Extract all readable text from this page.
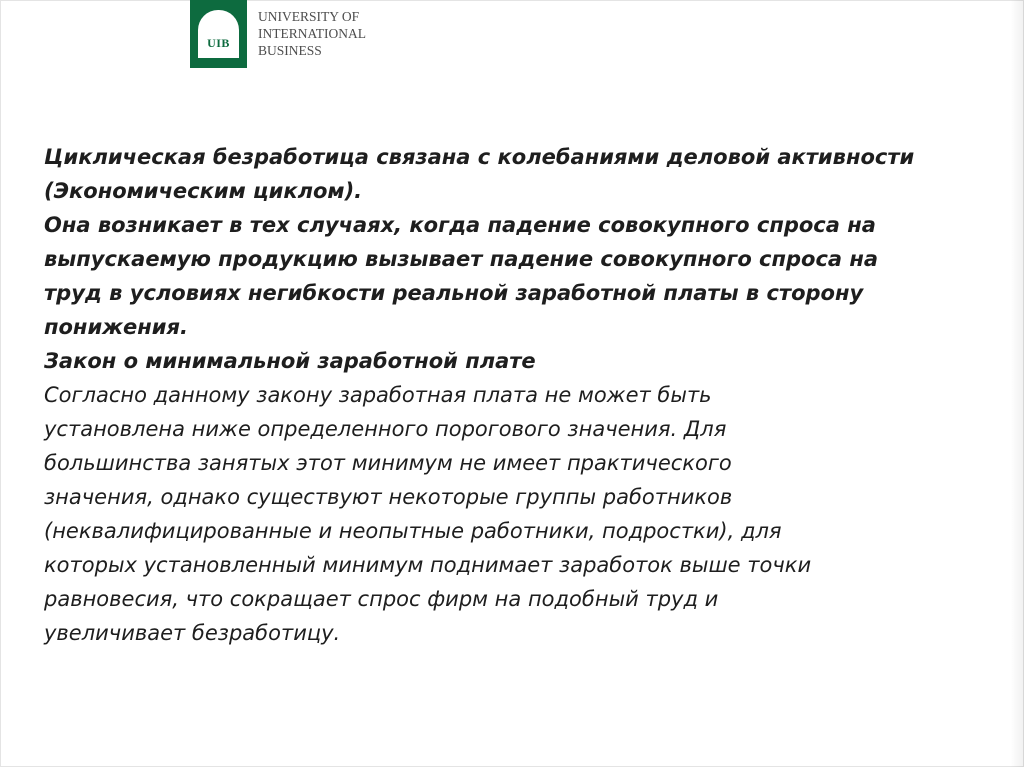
UIB
UNIVERSITY OF
INTERNATIONAL
BUSINESS

Циклическая безработица связана с колебаниями деловой активности

(Экономическим циклом).

Она возникает в тех случаях, когда падение совокупного спроса на

выпускаемую продукцию вызывает падение совокупного спроса на

труд в условиях негибкости реальной заработной платы в сторону

понижения.

Закон о минимальной заработной плате

Согласно данному закону заработная плата не может быть

установлена ниже определенного порогового значения. Для

большинства занятых этот минимум не имеет практического

значения, однако существуют некоторые группы работников

(неквалифицированные и неопытные работники, подростки), для

которых установленный минимум поднимает заработок выше точки

равновесия, что сокращает спрос фирм на подобный труд и

увеличивает безработицу.
